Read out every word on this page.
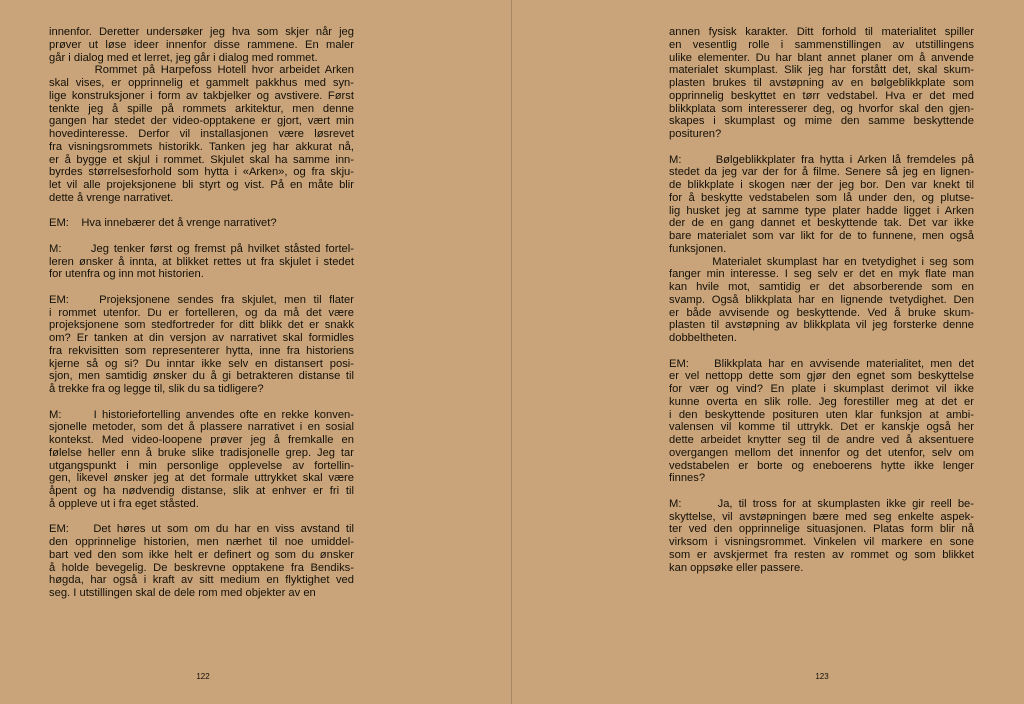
innenfor. Deretter undersøker jeg hva som skjer når jeg
prøver ut løse ideer innenfor disse rammene. En maler
går i dialog med et lerret, jeg går i dialog med rommet.
Rommet på Harpefoss Hotell hvor arbeidet Arken
skal vises, er opprinnelig et gammelt pakkhus med syn-
lige konstruksjoner i form av takbjelker og avstivere. Først
tenkte jeg å spille på rommets arkitektur, men denne
gangen har stedet der video-opptakene er gjort, vært min
hovedinteresse. Derfor vil installasjonen være løsrevet
fra visningsrommets historikk. Tanken jeg har akkurat nå,
er å bygge et skjul i rommet. Skjulet skal ha samme inn-
byrdes størrelsesforhold som hytta i «Arken», og fra skju-
let vil alle projeksjonene bli styrt og vist. På en måte blir
dette å vrenge narrativet.
EM:    Hva innebærer det å vrenge narrativet?
M:      Jeg tenker først og fremst på hvilket ståsted fortel-
leren ønsker å innta, at blikket rettes ut fra skjulet i stedet
for utenfra og inn mot historien.
EM:    Projeksjonene sendes fra skjulet, men til flater
i rommet utenfor. Du er fortelleren, og da må det være
projeksjonene som stedfortreder for ditt blikk det er snakk
om? Er tanken at din versjon av narrativet skal formidles
fra rekvisitten som representerer hytta, inne fra historiens
kjerne så og si? Du inntar ikke selv en distansert posi-
sjon, men samtidig ønsker du å gi betrakteren distanse til
å trekke fra og legge til, slik du sa tidligere?
M:      I historiefortelling anvendes ofte en rekke konven-
sjonelle metoder, som det å plassere narrativet i en sosial
kontekst. Med video-loopene prøver jeg å fremkalle en
følelse heller enn å bruke slike tradisjonelle grep. Jeg tar
utgangspunkt i min personlige opplevelse av fortellin-
gen, likevel ønsker jeg at det formale uttrykket skal være
åpent og ha nødvendig distanse, slik at enhver er fri til
å oppleve ut i fra eget ståsted.
EM:    Det høres ut som om du har en viss avstand til
den opprinnelige historien, men nærhet til noe umiddel-
bart ved den som ikke helt er definert og som du ønsker
å holde bevegelig. De beskrevne opptakene fra Bendiks-
høgda, har også i kraft av sitt medium en flyktighet ved
seg. I utstillingen skal de dele rom med objekter av en
122
annen fysisk karakter. Ditt forhold til materialitet spiller
en vesentlig rolle i sammenstillingen av utstillingens
ulike elementer. Du har blant annet planer om å anvende
materialet skumplast. Slik jeg har forstått det, skal skum-
plasten brukes til avstøpning av en bølgeblikkplate som
opprinnelig beskyttet en tørr vedstabel. Hva er det med
blikkplata som interesserer deg, og hvorfor skal den gjen-
skapes i skumplast og mime den samme beskyttende
posituren?
M:      Bølgeblikkplater fra hytta i Arken lå fremdeles på
stedet da jeg var der for å filme. Senere så jeg en lignen-
de blikkplate i skogen nær der jeg bor. Den var knekt til
for å beskytte vedstabelen som lå under den, og plutse-
lig husket jeg at samme type plater hadde ligget i Arken
der de en gang dannet et beskyttende tak. Det var ikke
bare materialet som var likt for de to funnene, men også
funksjonen.
Materialet skumplast har en tvetydighet i seg som
fanger min interesse. I seg selv er det en myk flate man
kan hvile mot, samtidig er det absorberende som en
svamp. Også blikkplata har en lignende tvetydighet. Den
er både avvisende og beskyttende. Ved å bruke skum-
plasten til avstøpning av blikkplata vil jeg forsterke denne
dobbeltheten.
EM:    Blikkplata har en avvisende materialitet, men det
er vel nettopp dette som gjør den egnet som beskyttelse
for vær og vind? En plate i skumplast derimot vil ikke
kunne overta en slik rolle. Jeg forestiller meg at det er
i den beskyttende posituren uten klar funksjon at ambi-
valensen vil komme til uttrykk. Det er kanskje også her
dette arbeidet knytter seg til de andre ved å aksentuere
overgangen mellom det innenfor og det utenfor, selv om
vedstabelen er borte og eneboerens hytte ikke lenger
finnes?
M:      Ja, til tross for at skumplasten ikke gir reell be-
skyttelse, vil avstøpningen bære med seg enkelte aspek-
ter ved den opprinnelige situasjonen. Platas form blir nå
virksom i visningsrommet. Vinkelen vil markere en sone
som er avskjermet fra resten av rommet og som blikket
kan oppsøke eller passere.
123
